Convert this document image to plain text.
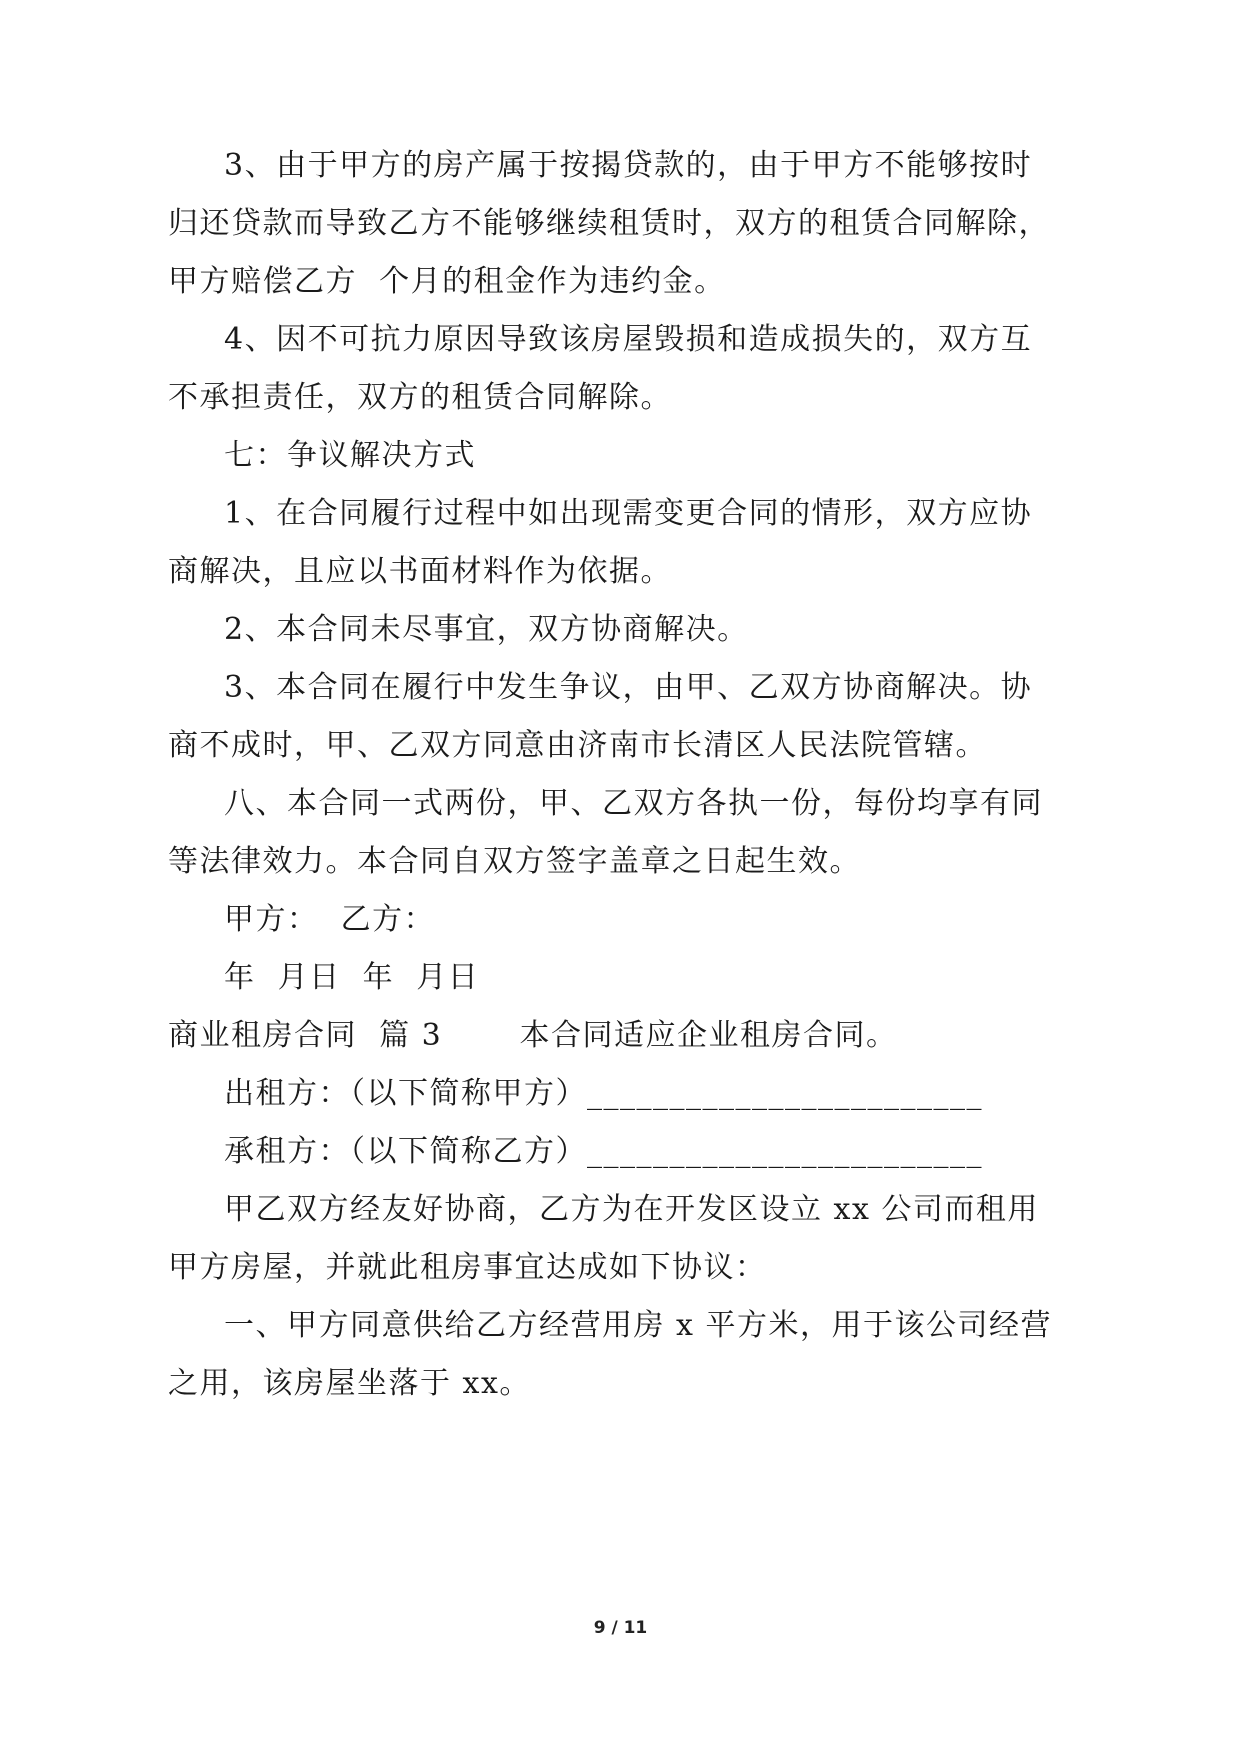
3、由于甲方的房产属于按揭贷款的，由于甲方不能够按时
归还贷款而导致乙方不能够继续租赁时，双方的租赁合同解除，
甲方赔偿乙方  个月的租金作为违约金。
4、因不可抗力原因导致该房屋毁损和造成损失的，双方互
不承担责任，双方的租赁合同解除。
七：争议解决方式
1、在合同履行过程中如出现需变更合同的情形，双方应协
商解决，且应以书面材料作为依据。
2、本合同未尽事宜，双方协商解决。
3、本合同在履行中发生争议，由甲、乙双方协商解决。协
商不成时，甲、乙双方同意由济南市长清区人民法院管辖。
八、本合同一式两份，甲、乙双方各执一份，每份均享有同
等法律效力。本合同自双方签字盖章之日起生效。
甲方：  乙方：
年  月日  年  月日
商业租房合同  篇 3       本合同适应企业租房合同。
出租方：（以下简称甲方）________________________
承租方：（以下简称乙方）________________________
甲乙双方经友好协商，乙方为在开发区设立 xx 公司而租用
甲方房屋，并就此租房事宜达成如下协议：
一、甲方同意供给乙方经营用房 x 平方米，用于该公司经营
之用，该房屋坐落于 xx。
9 / 11
